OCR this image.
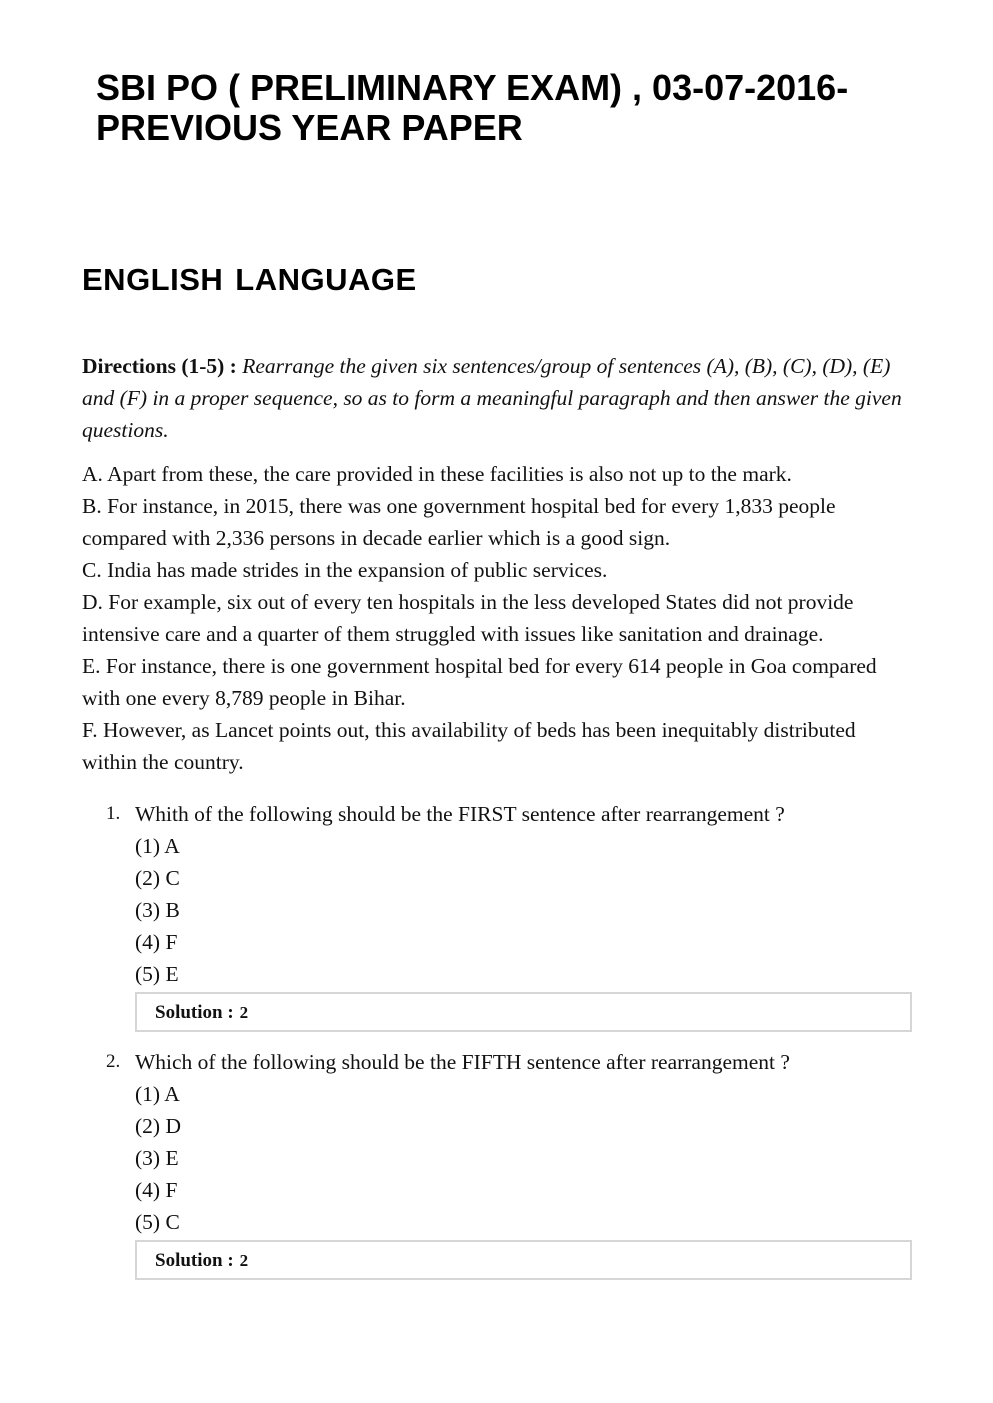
SBI PO ( PRELIMINARY EXAM) , 03-07-2016- PREVIOUS YEAR PAPER
ENGLISH LANGUAGE

Directions (1-5) : Rearrange the given six sentences/group of sentences (A), (B), (C), (D), (E) and (F) in a proper sequence, so as to form a meaningful paragraph and then answer the given questions.

A. Apart from these, the care provided in these facilities is also not up to the mark.

B. For instance, in 2015, there was one government hospital bed for every 1,833 people compared with 2,336 persons in decade earlier which is a good sign.

C. India has made strides in the expansion of public services.

D. For example, six out of every ten hospitals in the less developed States did not provide intensive care and a quarter of them struggled with issues like sanitation and drainage.

E. For instance, there is one government hospital bed for every 614 people in Goa compared with one every 8,789 people in Bihar.

F. However, as Lancet points out, this availability of beds has been inequitably distributed within the country.

1. Whith of the following should be the FIRST sentence after rearrangement ?

(1) A

(2) C

(3) B

(4) F

(5) E

Solution : 2
2. Which of the following should be the FIFTH sentence after rearrangement ?

(1) A

(2) D

(3) E

(4) F

(5) C

Solution : 2
